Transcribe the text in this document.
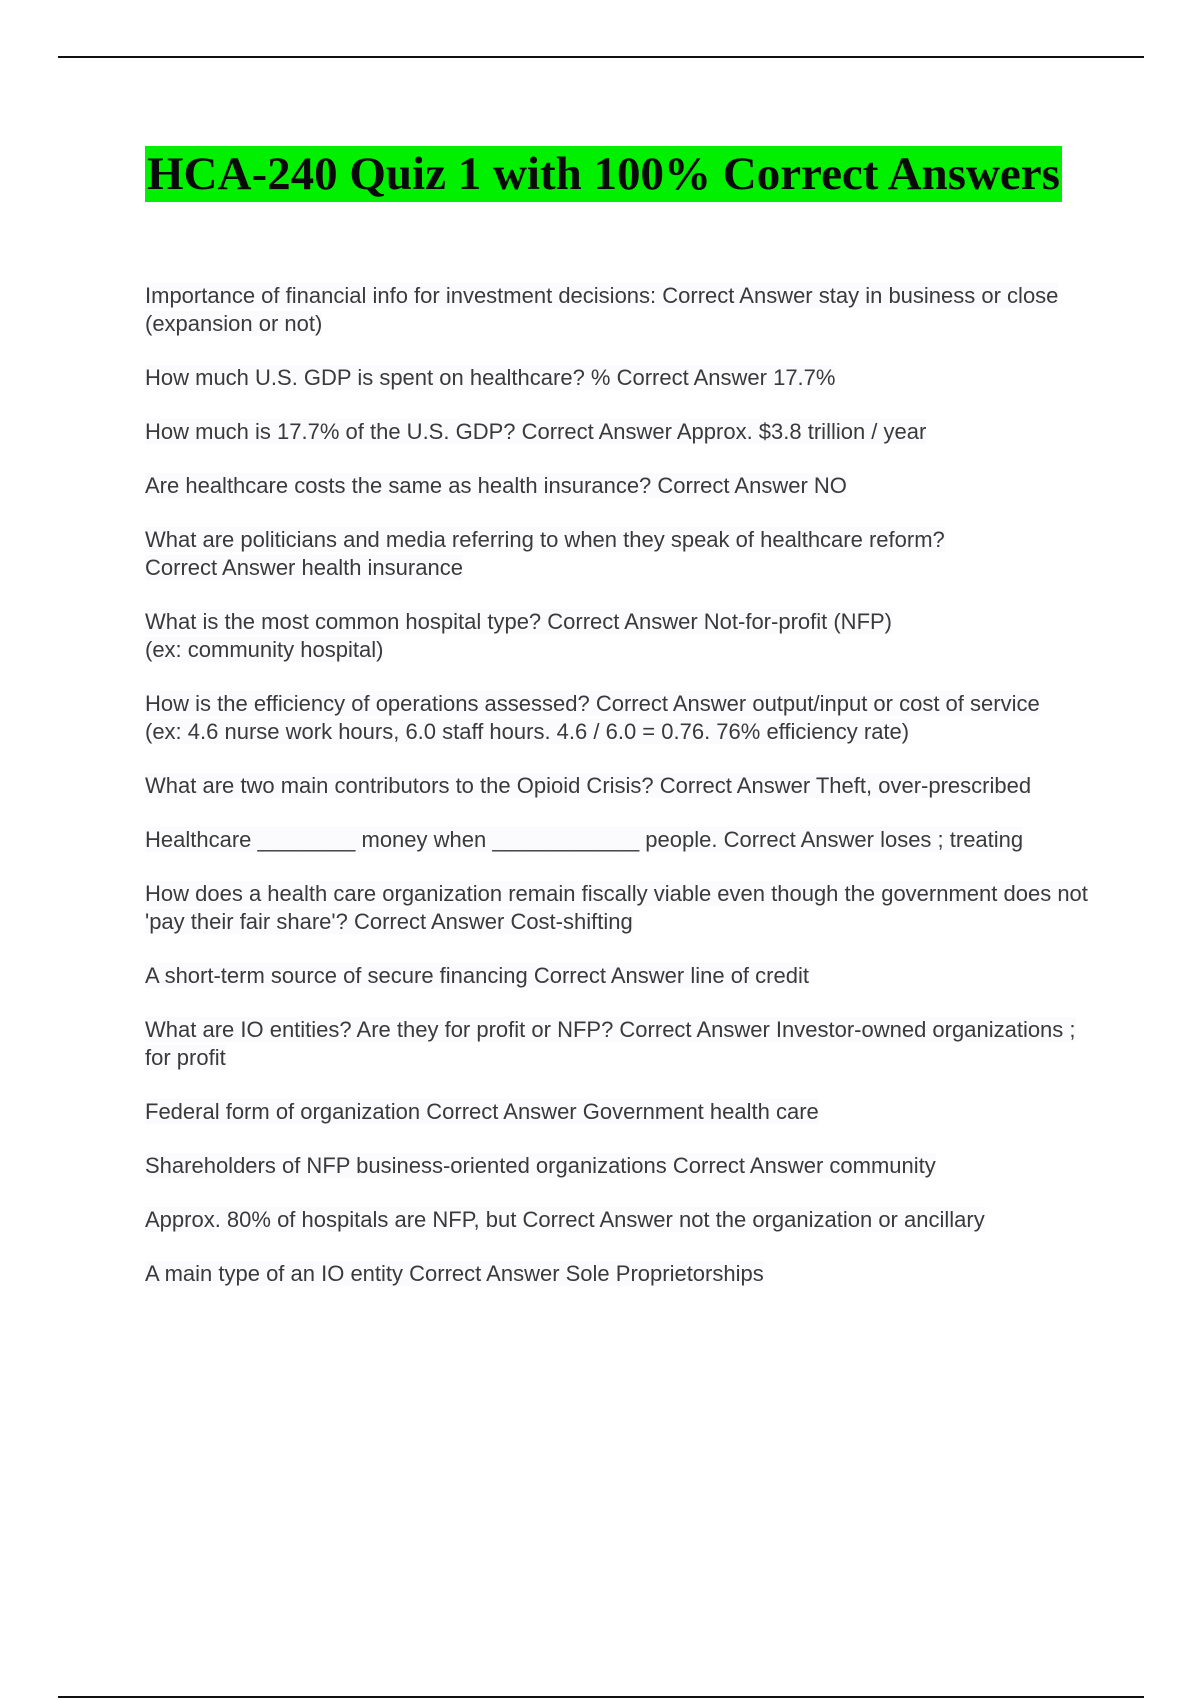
HCA-240 Quiz 1 with 100% Correct Answers

Importance of financial info for investment decisions: Correct Answer stay in business or close (expansion or not)

How much U.S. GDP is spent on healthcare? % Correct Answer 17.7%

How much is 17.7% of the U.S. GDP? Correct Answer Approx. $3.8 trillion / year

Are healthcare costs the same as health insurance? Correct Answer NO

What are politicians and media referring to when they speak of healthcare reform?
Correct Answer health insurance

What is the most common hospital type? Correct Answer Not-for-profit (NFP)
(ex: community hospital)

How is the efficiency of operations assessed? Correct Answer output/input or cost of service
(ex: 4.6 nurse work hours, 6.0 staff hours. 4.6 / 6.0 = 0.76. 76% efficiency rate)

What are two main contributors to the Opioid Crisis? Correct Answer Theft, over-prescribed

Healthcare ________ money when ____________ people. Correct Answer loses ; treating

How does a health care organization remain fiscally viable even though the government does not 'pay their fair share'? Correct Answer Cost-shifting

A short-term source of secure financing Correct Answer line of credit

What are IO entities? Are they for profit or NFP? Correct Answer Investor-owned organizations ; for profit

Federal form of organization Correct Answer Government health care

Shareholders of NFP business-oriented organizations Correct Answer community

Approx. 80% of hospitals are NFP, but Correct Answer not the organization or ancillary

A main type of an IO entity Correct Answer Sole Proprietorships
